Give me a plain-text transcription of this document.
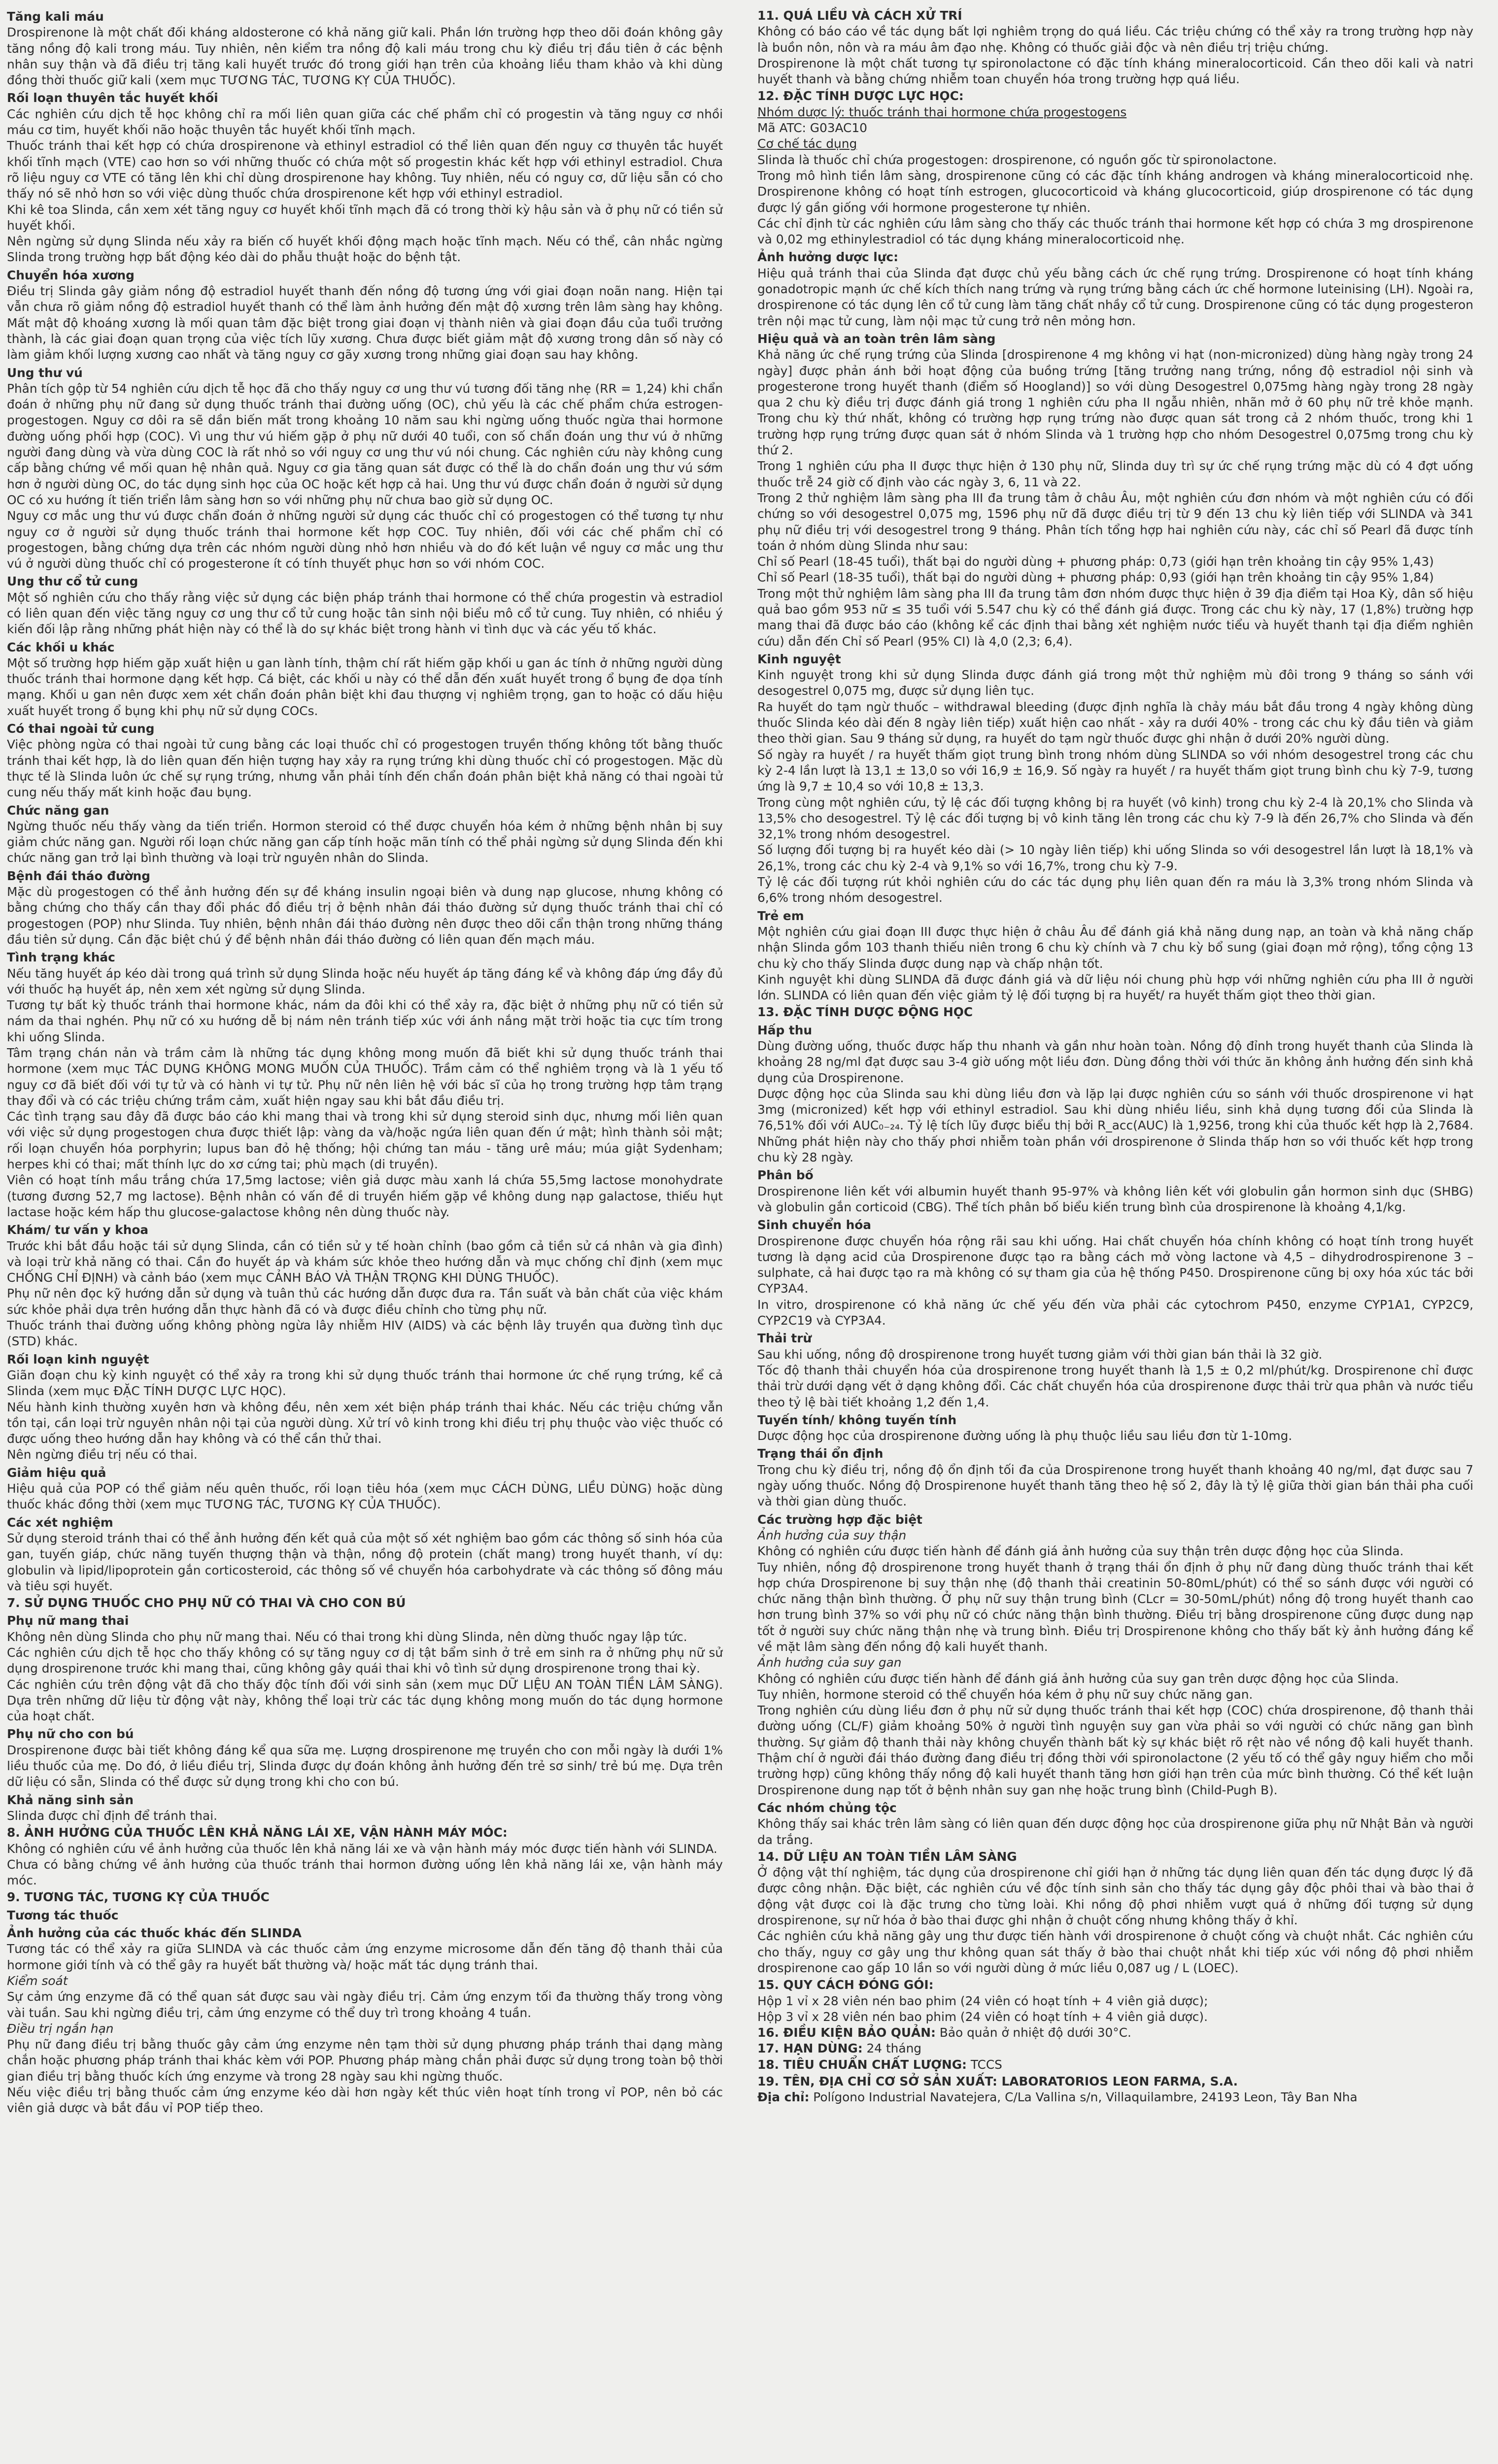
Tăng kali máu

Drospirenone là một chất đối kháng aldosterone có khả năng giữ kali. Phần lớn trường hợp theo dõi đoán không gây tăng nồng độ kali trong máu. Tuy nhiên, nên kiểm tra nồng độ kali máu trong chu kỳ điều trị đầu tiên ở các bệnh nhân suy thận và đã điều trị tăng kali huyết trước đó trong giới hạn trên của khoảng liều tham khảo và khi dùng đồng thời thuốc giữ kali (xem mục TƯƠNG TÁC, TƯƠNG KỴ CỦA THUỐC).

Rối loạn thuyên tắc huyết khối

Các nghiên cứu dịch tễ học không chỉ ra mối liên quan giữa các chế phẩm chỉ có progestin và tăng nguy cơ nhồi máu cơ tim, huyết khối não hoặc thuyên tắc huyết khối tĩnh mạch.

Thuốc tránh thai kết hợp có chứa drospirenone và ethinyl estradiol có thể liên quan đến nguy cơ thuyên tắc huyết khối tĩnh mạch (VTE) cao hơn so với những thuốc có chứa một số progestin khác kết hợp với ethinyl estradiol. Chưa rõ liệu nguy cơ VTE có tăng lên khi chỉ dùng drospirenone hay không. Tuy nhiên, nếu có nguy cơ, dữ liệu sẵn có cho thấy nó sẽ nhỏ hơn so với việc dùng thuốc chứa drospirenone kết hợp với ethinyl estradiol.

Khi kê toa Slinda, cần xem xét tăng nguy cơ huyết khối tĩnh mạch đã có trong thời kỳ hậu sản và ở phụ nữ có tiền sử huyết khối.

Nên ngừng sử dụng Slinda nếu xảy ra biến cố huyết khối động mạch hoặc tĩnh mạch. Nếu có thể, cân nhắc ngừng Slinda trong trường hợp bất động kéo dài do phẫu thuật hoặc do bệnh tật.

Chuyển hóa xương

Điều trị Slinda gây giảm nồng độ estradiol huyết thanh đến nồng độ tương ứng với giai đoạn noãn nang. Hiện tại vẫn chưa rõ giảm nồng độ estradiol huyết thanh có thể làm ảnh hưởng đến mật độ xương trên lâm sàng hay không. Mất mật độ khoáng xương là mối quan tâm đặc biệt trong giai đoạn vị thành niên và giai đoạn đầu của tuổi trưởng thành, là các giai đoạn quan trọng của việc tích lũy xương. Chưa được biết giảm mật độ xương trong dân số này có làm giảm khối lượng xương cao nhất và tăng nguy cơ gãy xương trong những giai đoạn sau hay không.

Ung thư vú

Phân tích gộp từ 54 nghiên cứu dịch tễ học đã cho thấy nguy cơ ung thư vú tương đối tăng nhẹ (RR = 1,24) khi chẩn đoán ở những phụ nữ đang sử dụng thuốc tránh thai đường uống (OC), chủ yếu là các chế phẩm chứa estrogen-progestogen. Nguy cơ dôi ra sẽ dần biến mất trong khoảng 10 năm sau khi ngừng uống thuốc ngừa thai hormone đường uống phối hợp (COC). Vì ung thư vú hiếm gặp ở phụ nữ dưới 40 tuổi, con số chẩn đoán ung thư vú ở những người đang dùng và vừa dùng COC là rất nhỏ so với nguy cơ ung thư vú nói chung. Các nghiên cứu này không cung cấp bằng chứng về mối quan hệ nhân quả. Nguy cơ gia tăng quan sát được có thể là do chẩn đoán ung thư vú sớm hơn ở người dùng OC, do tác dụng sinh học của OC hoặc kết hợp cả hai. Ung thư vú được chẩn đoán ở người sử dụng OC có xu hướng ít tiến triển lâm sàng hơn so với những phụ nữ chưa bao giờ sử dụng OC.

Nguy cơ mắc ung thư vú được chẩn đoán ở những người sử dụng các thuốc chỉ có progestogen có thể tương tự như nguy cơ ở người sử dụng thuốc tránh thai hormone kết hợp COC. Tuy nhiên, đối với các chế phẩm chỉ có progestogen, bằng chứng dựa trên các nhóm người dùng nhỏ hơn nhiều và do đó kết luận về nguy cơ mắc ung thư vú ở người dùng thuốc chỉ có progesterone ít có tính thuyết phục hơn so với nhóm COC.

Ung thư cổ tử cung

Một số nghiên cứu cho thấy rằng việc sử dụng các biện pháp tránh thai hormone có thể chứa progestin và estradiol có liên quan đến việc tăng nguy cơ ung thư cổ tử cung hoặc tân sinh nội biểu mô cổ tử cung. Tuy nhiên, có nhiều ý kiến đối lập rằng những phát hiện này có thể là do sự khác biệt trong hành vi tình dục và các yếu tố khác.

Các khối u khác

Một số trường hợp hiếm gặp xuất hiện u gan lành tính, thậm chí rất hiếm gặp khối u gan ác tính ở những người dùng thuốc tránh thai hormone dạng kết hợp. Cá biệt, các khối u này có thể dẫn đến xuất huyết trong ổ bụng đe dọa tính mạng. Khối u gan nên được xem xét chẩn đoán phân biệt khi đau thượng vị nghiêm trọng, gan to hoặc có dấu hiệu xuất huyết trong ổ bụng khi phụ nữ sử dụng COCs.

Có thai ngoài tử cung

Việc phòng ngừa có thai ngoài tử cung bằng các loại thuốc chỉ có progestogen truyền thống không tốt bằng thuốc tránh thai kết hợp, là do liên quan đến hiện tượng hay xảy ra rụng trứng khi dùng thuốc chỉ có progestogen. Mặc dù thực tế là Slinda luôn ức chế sự rụng trứng, nhưng vẫn phải tính đến chẩn đoán phân biệt khả năng có thai ngoài tử cung nếu thấy mất kinh hoặc đau bụng.

Chức năng gan

Ngừng thuốc nếu thấy vàng da tiến triển. Hormon steroid có thể được chuyển hóa kém ở những bệnh nhân bị suy giảm chức năng gan. Người rối loạn chức năng gan cấp tính hoặc mãn tính có thể phải ngừng sử dụng Slinda đến khi chức năng gan trở lại bình thường và loại trừ nguyên nhân do Slinda.

Bệnh đái tháo đường

Mặc dù progestogen có thể ảnh hưởng đến sự đề kháng insulin ngoại biên và dung nạp glucose, nhưng không có bằng chứng cho thấy cần thay đổi phác đồ điều trị ở bệnh nhân đái tháo đường sử dụng thuốc tránh thai chỉ có progestogen (POP) như Slinda. Tuy nhiên, bệnh nhân đái tháo đường nên được theo dõi cẩn thận trong những tháng đầu tiên sử dụng. Cần đặc biệt chú ý để bệnh nhân đái tháo đường có liên quan đến mạch máu.

Tình trạng khác

Nếu tăng huyết áp kéo dài trong quá trình sử dụng Slinda hoặc nếu huyết áp tăng đáng kể và không đáp ứng đầy đủ với thuốc hạ huyết áp, nên xem xét ngừng sử dụng Slinda.

Tương tự bất kỳ thuốc tránh thai hormone khác, nám da đôi khi có thể xảy ra, đặc biệt ở những phụ nữ có tiền sử nám da thai nghén. Phụ nữ có xu hướng dễ bị nám nên tránh tiếp xúc với ánh nắng mặt trời hoặc tia cực tím trong khi uống Slinda.

Tâm trạng chán nản và trầm cảm là những tác dụng không mong muốn đã biết khi sử dụng thuốc tránh thai hormone (xem mục TÁC DỤNG KHÔNG MONG MUỐN CỦA THUỐC). Trầm cảm có thể nghiêm trọng và là 1 yếu tố nguy cơ đã biết đối với tự tử và có hành vi tự tử. Phụ nữ nên liên hệ với bác sĩ của họ trong trường hợp tâm trạng thay đổi và có các triệu chứng trầm cảm, xuất hiện ngay sau khi bắt đầu điều trị.

Các tình trạng sau đây đã được báo cáo khi mang thai và trong khi sử dụng steroid sinh dục, nhưng mối liên quan với việc sử dụng progestogen chưa được thiết lập: vàng da và/hoặc ngứa liên quan đến ứ mật; hình thành sỏi mật; rối loạn chuyển hóa porphyrin; lupus ban đỏ hệ thống; hội chứng tan máu - tăng urê máu; múa giật Sydenham; herpes khi có thai; mất thính lực do xơ cứng tai; phù mạch (di truyền).

Viên có hoạt tính mầu trắng chứa 17,5mg lactose; viên giả dược màu xanh lá chứa 55,5mg lactose monohydrate (tương đương 52,7 mg lactose). Bệnh nhân có vấn đề di truyền hiếm gặp về không dung nạp galactose, thiếu hụt lactase hoặc kém hấp thu glucose-galactose không nên dùng thuốc này.

Khám/ tư vấn y khoa

Trước khi bắt đầu hoặc tái sử dụng Slinda, cần có tiền sử y tế hoàn chỉnh (bao gồm cả tiền sử cá nhân và gia đình) và loại trừ khả năng có thai. Cần đo huyết áp và khám sức khỏe theo hướng dẫn và mục chống chỉ định (xem mục CHỐNG CHỈ ĐỊNH) và cảnh báo (xem mục CẢNH BÁO VÀ THẬN TRỌNG KHI DÙNG THUỐC).

Phụ nữ nên đọc kỹ hướng dẫn sử dụng và tuân thủ các hướng dẫn được đưa ra. Tần suất và bản chất của việc khám sức khỏe phải dựa trên hướng dẫn thực hành đã có và được điều chỉnh cho từng phụ nữ.

Thuốc tránh thai đường uống không phòng ngừa lây nhiễm HIV (AIDS) và các bệnh lây truyền qua đường tình dục (STD) khác.

Rối loạn kinh nguyệt

Giãn đoạn chu kỳ kinh nguyệt có thể xảy ra trong khi sử dụng thuốc tránh thai hormone ức chế rụng trứng, kể cả Slinda (xem mục ĐẶC TÍNH DƯỢC LỰC HỌC).

Nếu hành kinh thường xuyên hơn và không đều, nên xem xét biện pháp tránh thai khác. Nếu các triệu chứng vẫn tồn tại, cần loại trừ nguyên nhân nội tại của người dùng. Xử trí vô kinh trong khi điều trị phụ thuộc vào việc thuốc có được uống theo hướng dẫn hay không và có thể cần thử thai.

Nên ngừng điều trị nếu có thai.

Giảm hiệu quả

Hiệu quả của POP có thể giảm nếu quên thuốc, rối loạn tiêu hóa (xem mục CÁCH DÙNG, LIỀU DÙNG) hoặc dùng thuốc khác đồng thời (xem mục TƯƠNG TÁC, TƯƠNG KỴ CỦA THUỐC).

Các xét nghiệm

Sử dụng steroid tránh thai có thể ảnh hưởng đến kết quả của một số xét nghiệm bao gồm các thông số sinh hóa của gan, tuyến giáp, chức năng tuyến thượng thận và thận, nồng độ protein (chất mang) trong huyết thanh, ví dụ: globulin và lipid/lipoprotein gắn corticosteroid, các thông số về chuyển hóa carbohydrate và các thông số đông máu và tiêu sợi huyết.

7. SỬ DỤNG THUỐC CHO PHỤ NỮ CÓ THAI VÀ CHO CON BÚ
Phụ nữ mang thai

Không nên dùng Slinda cho phụ nữ mang thai. Nếu có thai trong khi dùng Slinda, nên dừng thuốc ngay lập tức.

Các nghiên cứu dịch tễ học cho thấy không có sự tăng nguy cơ dị tật bẩm sinh ở trẻ em sinh ra ở những phụ nữ sử dụng drospirenone trước khi mang thai, cũng không gây quái thai khi vô tình sử dụng drospirenone trong thai kỳ.

Các nghiên cứu trên động vật đã cho thấy độc tính đối với sinh sản (xem mục DỮ LIỆU AN TOÀN TIỀN LÂM SÀNG). Dựa trên những dữ liệu từ động vật này, không thể loại trừ các tác dụng không mong muốn do tác dụng hormone của hoạt chất.

Phụ nữ cho con bú

Drospirenone được bài tiết không đáng kể qua sữa mẹ. Lượng drospirenone mẹ truyền cho con mỗi ngày là dưới 1% liều thuốc của mẹ. Do đó, ở liều điều trị, Slinda được dự đoán không ảnh hưởng đến trẻ sơ sinh/ trẻ bú mẹ. Dựa trên dữ liệu có sẵn, Slinda có thể được sử dụng trong khi cho con bú.

Khả năng sinh sản

Slinda được chỉ định để tránh thai.

8. ẢNH HƯỞNG CỦA THUỐC LÊN KHẢ NĂNG LÁI XE, VẬN HÀNH MÁY MÓC:

Không có nghiên cứu về ảnh hưởng của thuốc lên khả năng lái xe và vận hành máy móc được tiến hành với SLINDA.

Chưa có bằng chứng về ảnh hưởng của thuốc tránh thai hormon đường uống lên khả năng lái xe, vận hành máy móc.

9. TƯƠNG TÁC, TƯƠNG KỴ CỦA THUỐC
Tương tác thuốc
Ảnh hưởng của các thuốc khác đến SLINDA

Tương tác có thể xảy ra giữa SLINDA và các thuốc cảm ứng enzyme microsome dẫn đến tăng độ thanh thải của hormone giới tính và có thể gây ra huyết bất thường và/ hoặc mất tác dụng tránh thai.

Kiểm soát

Sự cảm ứng enzyme đã có thể quan sát được sau vài ngày điều trị. Cảm ứng enzym tối đa thường thấy trong vòng vài tuần. Sau khi ngừng điều trị, cảm ứng enzyme có thể duy trì trong khoảng 4 tuần.

Điều trị ngắn hạn

Phụ nữ đang điều trị bằng thuốc gây cảm ứng enzyme nên tạm thời sử dụng phương pháp tránh thai dạng màng chắn hoặc phương pháp tránh thai khác kèm với POP. Phương pháp màng chắn phải được sử dụng trong toàn bộ thời gian điều trị bằng thuốc kích ứng enzyme và trong 28 ngày sau khi ngừng thuốc.

Nếu việc điều trị bằng thuốc cảm ứng enzyme kéo dài hơn ngày kết thúc viên hoạt tính trong vỉ POP, nên bỏ các viên giả dược và bắt đầu vỉ POP tiếp theo.

11. QUÁ LIỀU VÀ CÁCH XỬ TRÍ

Không có báo cáo về tác dụng bất lợi nghiêm trọng do quá liều. Các triệu chứng có thể xảy ra trong trường hợp này là buồn nôn, nôn và ra máu âm đạo nhẹ. Không có thuốc giải độc và nên điều trị triệu chứng.

Drospirenone là một chất tương tự spironolactone có đặc tính kháng mineralocorticoid. Cần theo dõi kali và natri huyết thanh và bằng chứng nhiễm toan chuyển hóa trong trường hợp quá liều.

12. ĐẶC TÍNH DƯỢC LỰC HỌC:

Nhóm dược lý: thuốc tránh thai hormone chứa progestogens

Mã ATC: G03AC10

Cơ chế tác dụng

Slinda là thuốc chỉ chứa progestogen: drospirenone, có nguồn gốc từ spironolactone.

Trong mô hình tiền lâm sàng, drospirenone cũng có các đặc tính kháng androgen và kháng mineralocorticoid nhẹ. Drospirenone không có hoạt tính estrogen, glucocorticoid và kháng glucocorticoid, giúp drospirenone có tác dụng được lý gần giống với hormone progesterone tự nhiên.

Các chỉ định từ các nghiên cứu lâm sàng cho thấy các thuốc tránh thai hormone kết hợp có chứa 3 mg drospirenone và 0,02 mg ethinylestradiol có tác dụng kháng mineralocorticoid nhẹ.

Ảnh hưởng dược lực:

Hiệu quả tránh thai của Slinda đạt được chủ yếu bằng cách ức chế rụng trứng. Drospirenone có hoạt tính kháng gonadotropic mạnh ức chế kích thích nang trứng và rụng trứng bằng cách ức chế hormone luteinising (LH). Ngoài ra, drospirenone có tác dụng lên cổ tử cung làm tăng chất nhầy cổ tử cung. Drospirenone cũng có tác dụng progesteron trên nội mạc tử cung, làm nội mạc tử cung trở nên mỏng hơn.

Hiệu quả và an toàn trên lâm sàng

Khả năng ức chế rụng trứng của Slinda [drospirenone 4 mg không vi hạt (non-micronized) dùng hàng ngày trong 24 ngày] được phản ánh bởi hoạt động của buồng trứng [tăng trưởng nang trứng, nồng độ estradiol nội sinh và progesterone trong huyết thanh (điểm số Hoogland)] so với dùng Desogestrel 0,075mg hàng ngày trong 28 ngày qua 2 chu kỳ điều trị được đánh giá trong 1 nghiên cứu pha II ngẫu nhiên, nhãn mở ở 60 phụ nữ trẻ khỏe mạnh. Trong chu kỳ thứ nhất, không có trường hợp rụng trứng nào được quan sát trong cả 2 nhóm thuốc, trong khi 1 trường hợp rụng trứng được quan sát ở nhóm Slinda và 1 trường hợp cho nhóm Desogestrel 0,075mg trong chu kỳ thứ 2.

Trong 1 nghiên cứu pha II được thực hiện ở 130 phụ nữ, Slinda duy trì sự ức chế rụng trứng mặc dù có 4 đợt uống thuốc trễ 24 giờ cố định vào các ngày 3, 6, 11 và 22.

Trong 2 thử nghiệm lâm sàng pha III đa trung tâm ở châu Âu, một nghiên cứu đơn nhóm và một nghiên cứu có đối chứng so với desogestrel 0,075 mg, 1596 phụ nữ đã được điều trị từ 9 đến 13 chu kỳ liên tiếp với SLINDA và 341 phụ nữ điều trị với desogestrel trong 9 tháng. Phân tích tổng hợp hai nghiên cứu này, các chỉ số Pearl đã được tính toán ở nhóm dùng Slinda như sau:

Chỉ số Pearl (18-45 tuổi), thất bại do người dùng + phương pháp: 0,73 (giới hạn trên khoảng tin cậy 95% 1,43)

Chỉ số Pearl (18-35 tuổi), thất bại do người dùng + phương pháp: 0,93 (giới hạn trên khoảng tin cậy 95% 1,84)

Trong một thử nghiệm lâm sàng pha III đa trung tâm đơn nhóm được thực hiện ở 39 địa điểm tại Hoa Kỳ, dân số hiệu quả bao gồm 953 nữ ≤ 35 tuổi với 5.547 chu kỳ có thể đánh giá được. Trong các chu kỳ này, 17 (1,8%) trường hợp mang thai đã được báo cáo (không kể các định thai bằng xét nghiệm nước tiểu và huyết thanh tại địa điểm nghiên cứu) dẫn đến Chỉ số Pearl (95% CI) là 4,0 (2,3; 6,4).

Kinh nguyệt

Kinh nguyệt trong khi sử dụng Slinda được đánh giá trong một thử nghiệm mù đôi trong 9 tháng so sánh với desogestrel 0,075 mg, được sử dụng liên tục.

Ra huyết do tạm ngừ thuốc – withdrawal bleeding (được định nghĩa là chảy máu bắt đầu trong 4 ngày không dùng thuốc Slinda kéo dài đến 8 ngày liên tiếp) xuất hiện cao nhất - xảy ra dưới 40% - trong các chu kỳ đầu tiên và giảm theo thời gian. Sau 9 tháng sử dụng, ra huyết do tạm ngừ thuốc được ghi nhận ở dưới 20% người dùng.

Số ngày ra huyết / ra huyết thấm giọt trung bình trong nhóm dùng SLINDA so với nhóm desogestrel trong các chu kỳ 2-4 lần lượt là 13,1 ± 13,0 so với 16,9 ± 16,9. Số ngày ra huyết / ra huyết thấm giọt trung bình chu kỳ 7-9, tương ứng là 9,7 ± 10,4 so với 10,8 ± 13,3.

Trong cùng một nghiên cứu, tỷ lệ các đối tượng không bị ra huyết (vô kinh) trong chu kỳ 2-4 là 20,1% cho Slinda và 13,5% cho desogestrel. Tỷ lệ các đối tượng bị vô kinh tăng lên trong các chu kỳ 7-9 là đến 26,7% cho Slinda và đến 32,1% trong nhóm desogestrel.

Số lượng đối tượng bị ra huyết kéo dài (> 10 ngày liên tiếp) khi uống Slinda so với desogestrel lần lượt là 18,1% và 26,1%, trong các chu kỳ 2-4 và 9,1% so với 16,7%, trong chu kỳ 7-9.

Tỷ lệ các đối tượng rút khỏi nghiên cứu do các tác dụng phụ liên quan đến ra máu là 3,3% trong nhóm Slinda và 6,6% trong nhóm desogestrel.

Trẻ em

Một nghiên cứu giai đoạn III được thực hiện ở châu Âu để đánh giá khả năng dung nạp, an toàn và khả năng chấp nhận Slinda gồm 103 thanh thiếu niên trong 6 chu kỳ chính và 7 chu kỳ bổ sung (giai đoạn mở rộng), tổng cộng 13 chu kỳ cho thấy Slinda được dung nạp và chấp nhận tốt.

Kinh nguyệt khi dùng SLINDA đã được đánh giá và dữ liệu nói chung phù hợp với những nghiên cứu pha III ở người lớn. SLINDA có liên quan đến việc giảm tỷ lệ đối tượng bị ra huyết/ ra huyết thấm giọt theo thời gian.

13. ĐẶC TÍNH DƯỢC ĐỘNG HỌC
Hấp thu

Dùng đường uống, thuốc được hấp thu nhanh và gần như hoàn toàn. Nồng độ đỉnh trong huyết thanh của Slinda là khoảng 28 ng/ml đạt được sau 3-4 giờ uống một liều đơn. Dùng đồng thời với thức ăn không ảnh hưởng đến sinh khả dụng của Drospirenone.

Dược động học của Slinda sau khi dùng liều đơn và lặp lại được nghiên cứu so sánh với thuốc drospirenone vi hạt 3mg (micronized) kết hợp với ethinyl estradiol. Sau khi dùng nhiều liều, sinh khả dụng tương đối của Slinda là 76,51% đối với AUC₀₋₂₄. Tỷ lệ tích lũy được biểu thị bởi R_acc(AUC) là 1,9256, trong khi của thuốc kết hợp là 2,7684. Những phát hiện này cho thấy phơi nhiễm toàn phần với drospirenone ở Slinda thấp hơn so với thuốc kết hợp trong chu kỳ 28 ngày.

Phân bố

Drospirenone liên kết với albumin huyết thanh 95-97% và không liên kết với globulin gắn hormon sinh dục (SHBG) và globulin gắn corticoid (CBG). Thể tích phân bố biểu kiến trung bình của drospirenone là khoảng 4,1/kg.

Sinh chuyển hóa

Drospirenone được chuyển hóa rộng rãi sau khi uống. Hai chất chuyển hóa chính không có hoạt tính trong huyết tương là dạng acid của Drospirenone được tạo ra bằng cách mở vòng lactone và 4,5 – dihydrodrospirenone 3 – sulphate, cả hai được tạo ra mà không có sự tham gia của hệ thống P450. Drospirenone cũng bị oxy hóa xúc tác bởi CYP3A4.

In vitro, drospirenone có khả năng ức chế yếu đến vừa phải các cytochrom P450, enzyme CYP1A1, CYP2C9, CYP2C19 và CYP3A4.

Thải trừ

Sau khi uống, nồng độ drospirenone trong huyết tương giảm với thời gian bán thải là 32 giờ.

Tốc độ thanh thải chuyển hóa của drospirenone trong huyết thanh là 1,5 ± 0,2 ml/phút/kg. Drospirenone chỉ được thải trừ dưới dạng vết ở dạng không đổi. Các chất chuyển hóa của drospirenone được thải trừ qua phân và nước tiểu theo tỷ lệ bài tiết khoảng 1,2 đến 1,4.

Tuyến tính/ không tuyến tính

Dược động học của drospirenone đường uống là phụ thuộc liều sau liều đơn từ 1-10mg.

Trạng thái ổn định

Trong chu kỳ điều trị, nồng độ ổn định tối đa của Drospirenone trong huyết thanh khoảng 40 ng/ml, đạt được sau 7 ngày uống thuốc. Nồng độ Drospirenone huyết thanh tăng theo hệ số 2, đây là tỷ lệ giữa thời gian bán thải pha cuối và thời gian dùng thuốc.

Các trường hợp đặc biệt
Ảnh hưởng của suy thận

Không có nghiên cứu được tiến hành để đánh giá ảnh hưởng của suy thận trên dược động học của Slinda.

Tuy nhiên, nồng độ drospirenone trong huyết thanh ở trạng thái ổn định ở phụ nữ đang dùng thuốc tránh thai kết hợp chứa Drospirenone bị suy thận nhẹ (độ thanh thải creatinin 50-80mL/phút) có thể so sánh được với người có chức năng thận bình thường. Ở phụ nữ suy thận trung bình (CLcr = 30-50mL/phút) nồng độ trong huyết thanh cao hơn trung bình 37% so với phụ nữ có chức năng thận bình thường. Điều trị bằng drospirenone cũng được dung nạp tốt ở người suy chức năng thận nhẹ và trung bình. Điều trị Drospirenone không cho thấy bất kỳ ảnh hưởng đáng kể về mặt lâm sàng đến nồng độ kali huyết thanh.

Ảnh hưởng của suy gan

Không có nghiên cứu được tiến hành để đánh giá ảnh hưởng của suy gan trên dược động học của Slinda.

Tuy nhiên, hormone steroid có thể chuyển hóa kém ở phụ nữ suy chức năng gan.

Trong nghiên cứu dùng liều đơn ở phụ nữ sử dụng thuốc tránh thai kết hợp (COC) chứa drospirenone, độ thanh thải đường uống (CL/F) giảm khoảng 50% ở người tình nguyện suy gan vừa phải so với người có chức năng gan bình thường. Sự giảm độ thanh thải này không chuyển thành bất kỳ sự khác biệt rõ rệt nào về nồng độ kali huyết thanh. Thậm chí ở người đái tháo đường đang điều trị đồng thời với spironolactone (2 yếu tố có thể gây nguy hiểm cho mỗi trường hợp) cũng không thấy nồng độ kali huyết thanh tăng hơn giới hạn trên của mức bình thường. Có thể kết luận Drospirenone dung nạp tốt ở bệnh nhân suy gan nhẹ hoặc trung bình (Child-Pugh B).

Các nhóm chủng tộc

Không thấy sai khác trên lâm sàng có liên quan đến dược động học của drospirenone giữa phụ nữ Nhật Bản và người da trắng.

14. DỮ LIỆU AN TOÀN TIỀN LÂM SÀNG

Ở động vật thí nghiệm, tác dụng của drospirenone chỉ giới hạn ở những tác dụng liên quan đến tác dụng được lý đã được công nhận. Đặc biệt, các nghiên cứu về độc tính sinh sản cho thấy tác dụng gây độc phôi thai và bào thai ở động vật được coi là đặc trưng cho từng loài. Khi nồng độ phơi nhiễm vượt quá ở những đối tượng sử dụng drospirenone, sự nữ hóa ở bào thai được ghi nhận ở chuột cống nhưng không thấy ở khỉ.

Các nghiên cứu khả năng gây ung thư được tiến hành với drospirenone ở chuột cống và chuột nhắt. Các nghiên cứu cho thấy, nguy cơ gây ung thư không quan sát thấy ở bào thai chuột nhắt khi tiếp xúc với nồng độ phơi nhiễm drospirenone cao gấp 10 lần so với người dùng ở mức liều 0,087 ug / L (LOEC).

15. QUY CÁCH ĐÓNG GÓI:

Hộp 1 vỉ x 28 viên nén bao phim (24 viên có hoạt tính + 4 viên giả dược);

Hộp 3 vỉ x 28 viên nén bao phim (24 viên có hoạt tính + 4 viên giả dược).

16. ĐIỀU KIỆN BẢO QUẢN: Bảo quản ở nhiệt độ dưới 30°C.
17. HẠN DÙNG: 24 tháng
18. TIÊU CHUẨN CHẤT LƯỢNG: TCCS
19. TÊN, ĐỊA CHỈ CƠ SỞ SẢN XUẤT: LABORATORIOS LEON FARMA, S.A.
Địa chỉ: Polígono Industrial Navatejera, C/La Vallina s/n, Villaquilambre, 24193 Leon, Tây Ban Nha
